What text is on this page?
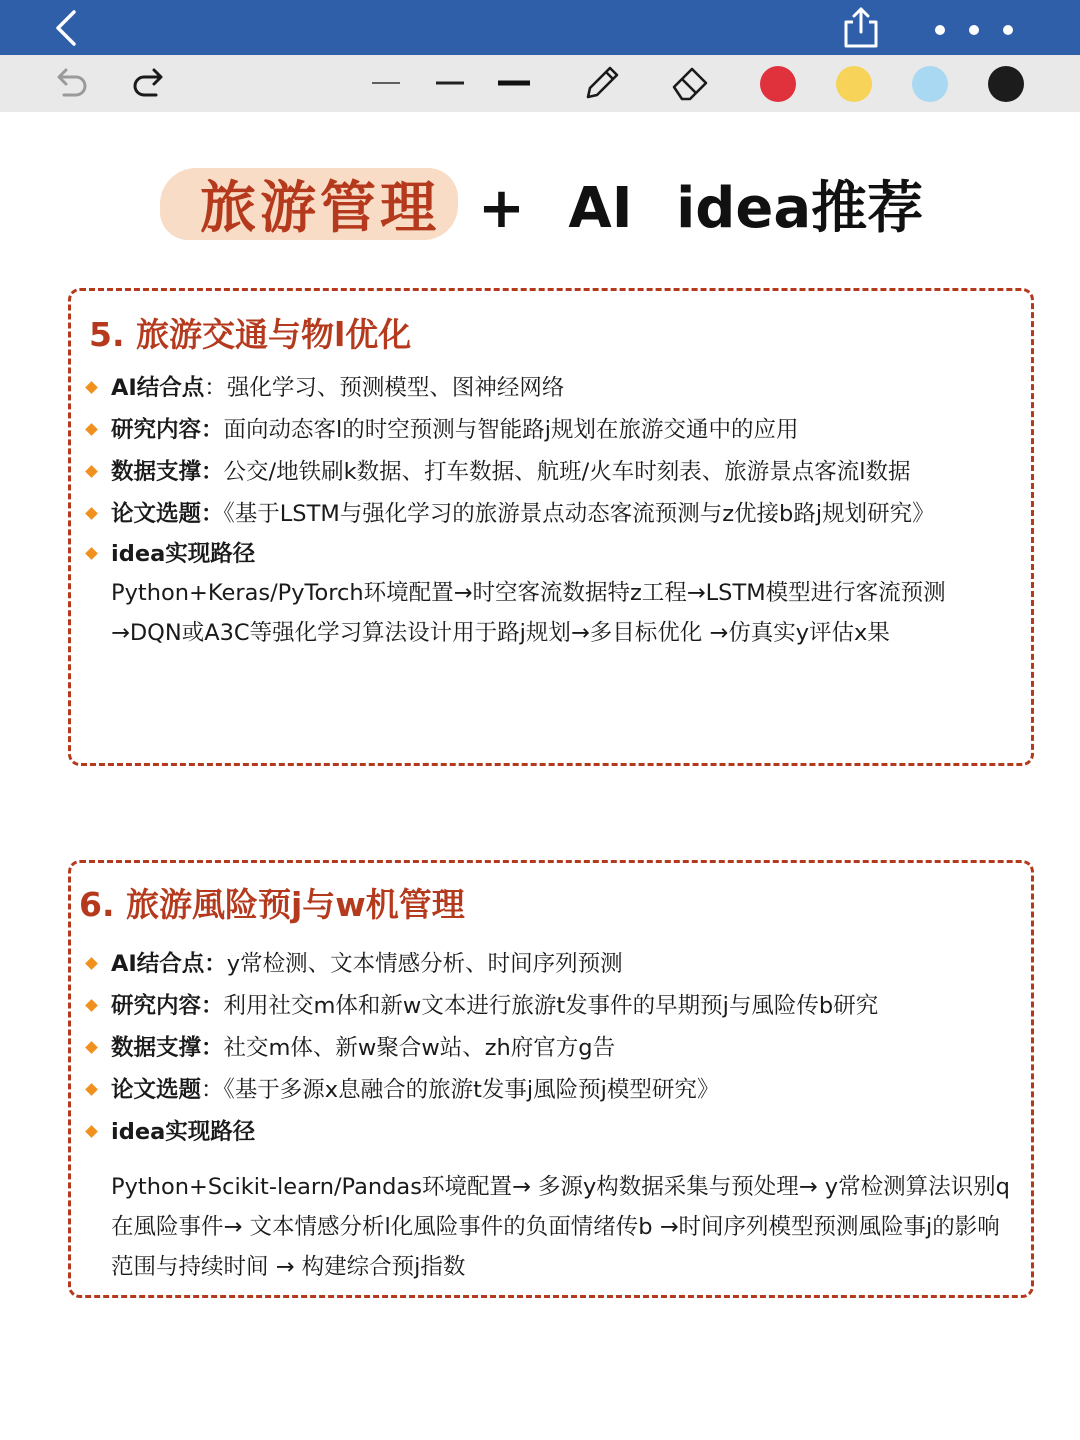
旅游管理 + AI idea推荐
5. 旅游交通与物l优化
AI结合点：强化学习、预测模型、图神经网络
研究内容：面向动态客l的时空预测与智能路j规划在旅游交通中的应用
数据支撑：公交/地铁刷k数据、打车数据、航班/火车时刻表、旅游景点客流l数据
论文选题：《基于LSTM与强化学习的旅游景点动态客流预测与z优接b路j规划研究》
idea实现路径
Python+Keras/PyTorch环境配置→时空客流数据特z工程→LSTM模型进行客流预测→DQN或A3C等强化学习算法设计用于路j规划→多目标优化 →仿真实y评估x果
6. 旅游風险预j与w机管理
AI结合点：y常检测、文本情感分析、时间序列预测
研究内容：利用社交m体和新w文本进行旅游t发事件的早期预j与風险传b研究
数据支撑：社交m体、新w聚合w站、zh府官方g告
论文选题：《基于多源x息融合的旅游t发事j風险预j模型研究》
idea实现路径
Python+Scikit-learn/Pandas环境配置→ 多源y构数据采集与预处理→ y常检测算法识别q在風险事件→ 文本情感分析l化風险事件的负面情绪传b →时间序列模型预测風险事j的影响范围与持续时间 → 构建综合预j指数
